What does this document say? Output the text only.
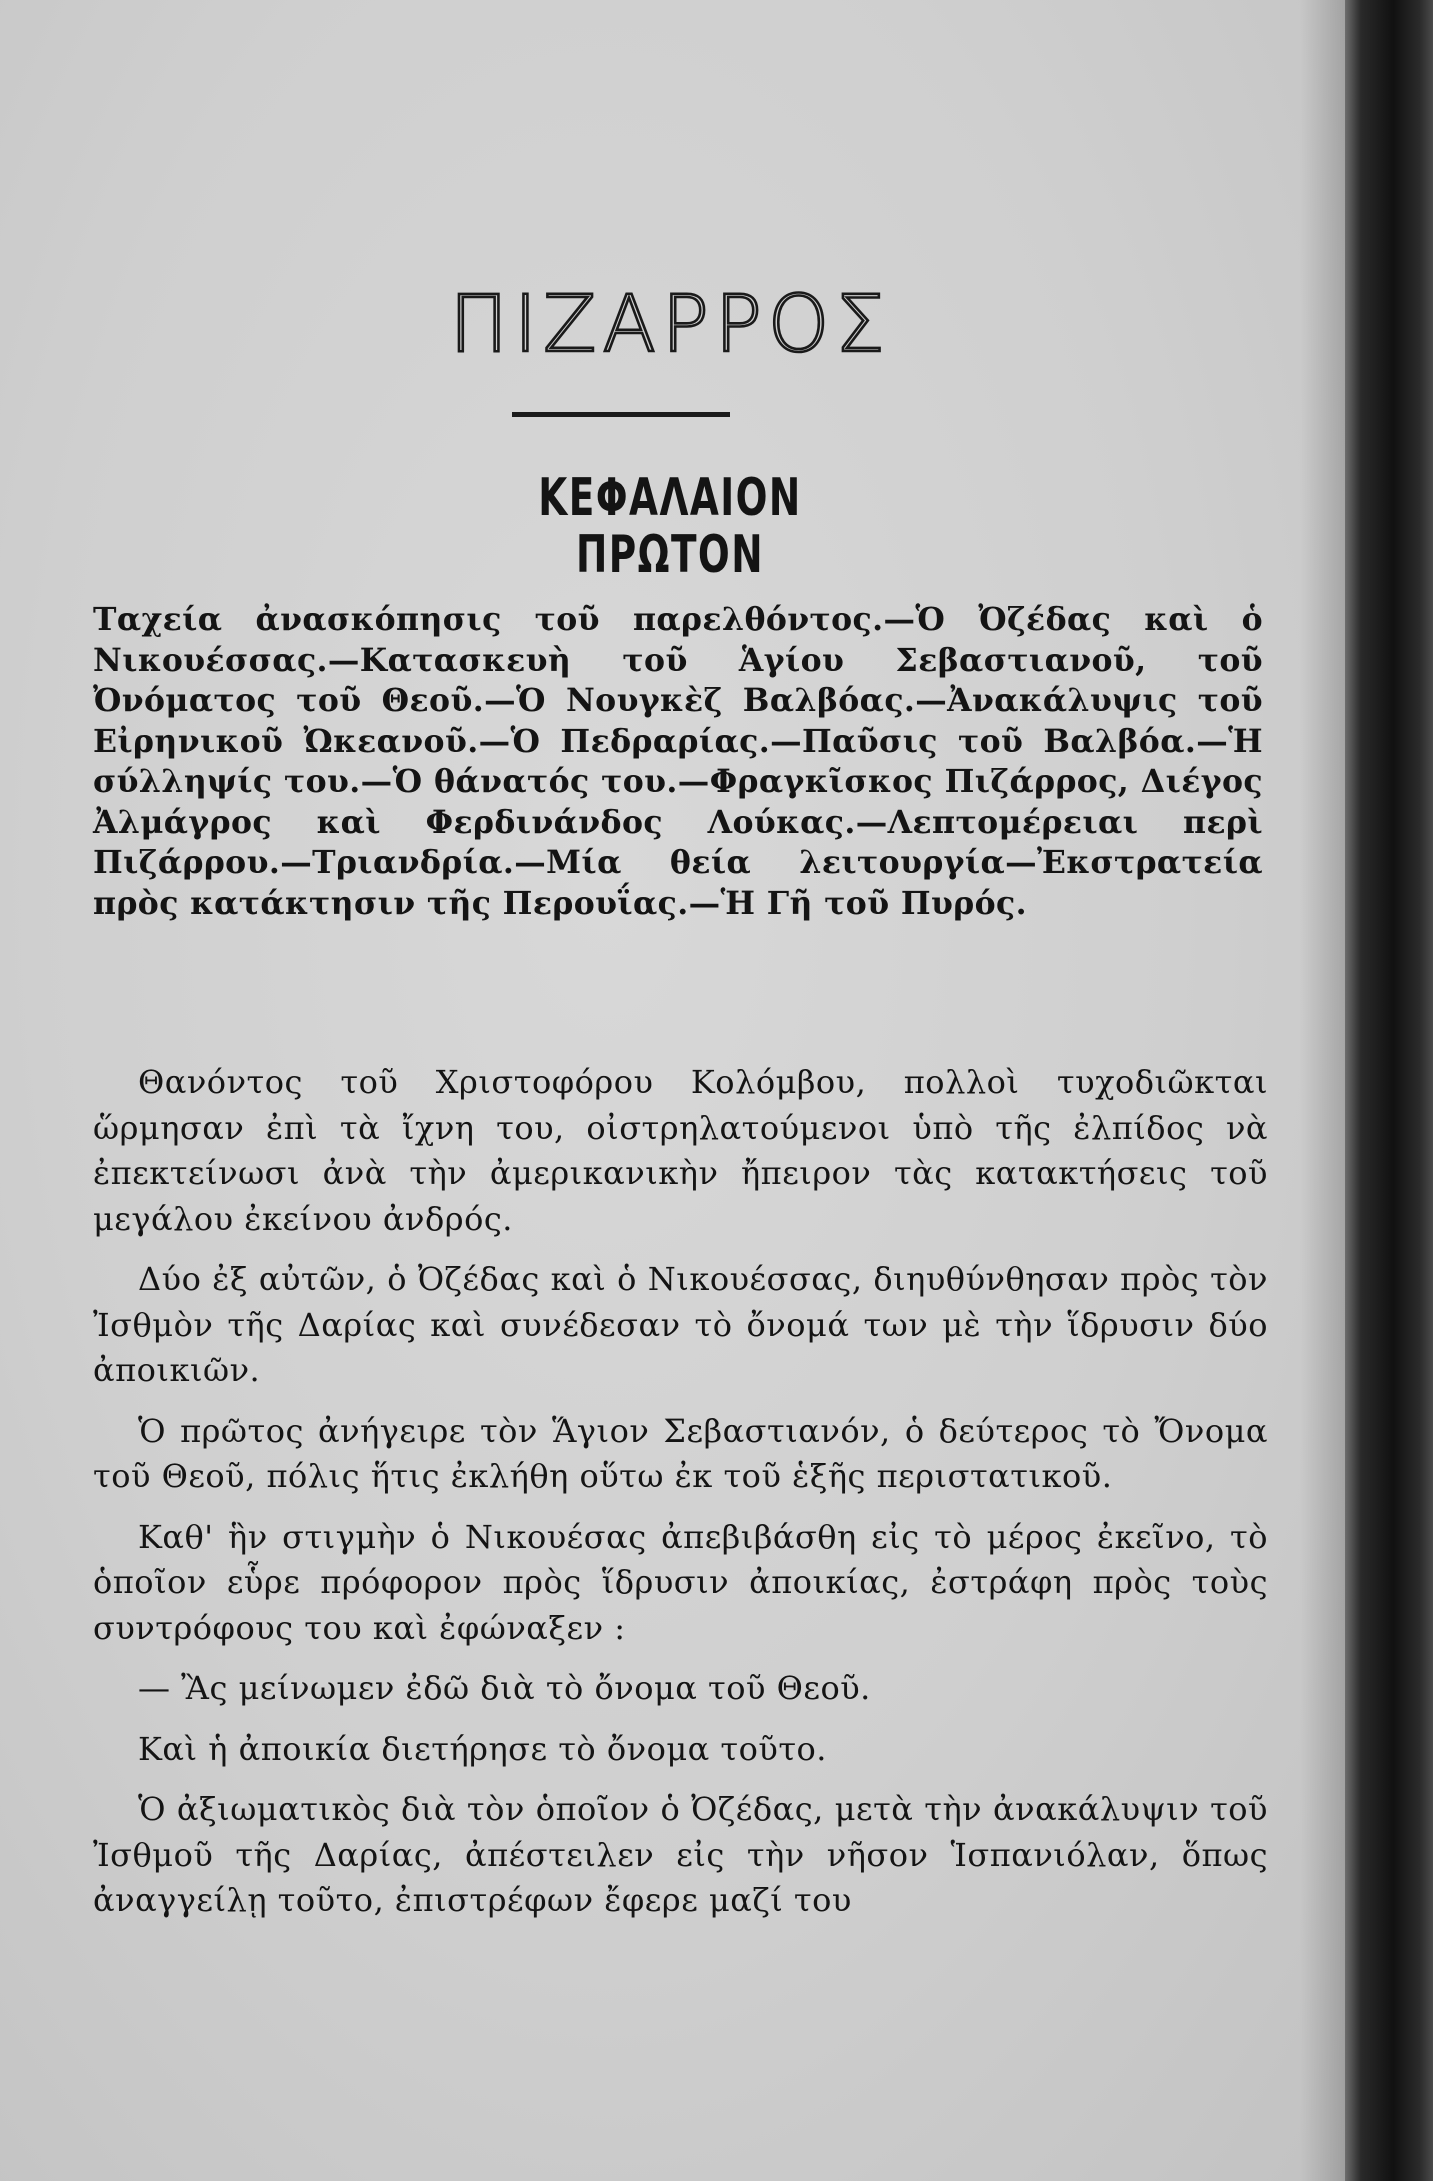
ΠΙΖΑΡΡΟΣ
ΚΕΦΑΛΑΙΟΝ ΠΡΩΤΟΝ

Ταχεία ἀνασκόπησις τοῦ παρελθόντος.—Ὁ Ὀζέδας καὶ ὁ Νικουέσσας.—Κατασκευὴ τοῦ Ἁγίου Σεβαστιανοῦ, τοῦ Ὀνόματος τοῦ Θεοῦ.—Ὁ Νουγκὲζ Βαλβόας.—Ἀνακάλυψις τοῦ Εἰρηνικοῦ Ὠκεανοῦ.—Ὁ Πεδραρίας.—Παῦσις τοῦ Βαλβόα.—Ἡ σύλληψίς του.—Ὁ θάνατός του.—Φραγκῖσκος Πιζάρρος, Διέγος Ἀλμάγρος καὶ Φερδινάνδος Λούκας.—Λεπτομέρειαι περὶ Πιζάρρου.—Τριανδρία.—Μία θεία λειτουργία—Ἐκστρατεία πρὸς κατάκτησιν τῆς Περουΐας.—Ἡ Γῆ τοῦ Πυρός.

Θανόντος τοῦ Χριστοφόρου Κολόμβου, πολλοὶ τυχοδιῶκται ὥρμησαν ἐπὶ τὰ ἴχνη του, οἰστρηλατούμενοι ὑπὸ τῆς ἐλπίδος νὰ ἐπεκτείνωσι ἀνὰ τὴν ἀμερικανικὴν ἤπειρον τὰς κατακτήσεις τοῦ μεγάλου ἐκείνου ἀνδρός.

Δύο ἐξ αὐτῶν, ὁ Ὀζέδας καὶ ὁ Νικουέσσας, διηυθύνθησαν πρὸς τὸν Ἰσθμὸν τῆς Δαρίας καὶ συνέδεσαν τὸ ὄνομά των μὲ τὴν ἵδρυσιν δύο ἀποικιῶν.

Ὁ πρῶτος ἀνήγειρε τὸν Ἅγιον Σεβαστιανόν, ὁ δεύτερος τὸ Ὄνομα τοῦ Θεοῦ, πόλις ἥτις ἐκλήθη οὕτω ἐκ τοῦ ἑξῆς περιστατικοῦ.

Καθ' ἣν στιγμὴν ὁ Νικουέσας ἀπεβιβάσθη εἰς τὸ μέρος ἐκεῖνο, τὸ ὁποῖον εὗρε πρόφορον πρὸς ἵδρυσιν ἀποικίας, ἐστράφη πρὸς τοὺς συντρόφους του καὶ ἐφώναξεν :

— Ἂς μείνωμεν ἐδῶ διὰ τὸ ὄνομα τοῦ Θεοῦ.

Καὶ ἡ ἀποικία διετήρησε τὸ ὄνομα τοῦτο.

Ὁ ἀξιωματικὸς διὰ τὸν ὁποῖον ὁ Ὀζέδας, μετὰ τὴν ἀνακάλυψιν τοῦ Ἰσθμοῦ τῆς Δαρίας, ἀπέστειλεν εἰς τὴν νῆσον Ἱσπανιόλαν, ὅπως ἀναγγείλῃ τοῦτο, ἐπιστρέφων ἔφερε μαζί του
